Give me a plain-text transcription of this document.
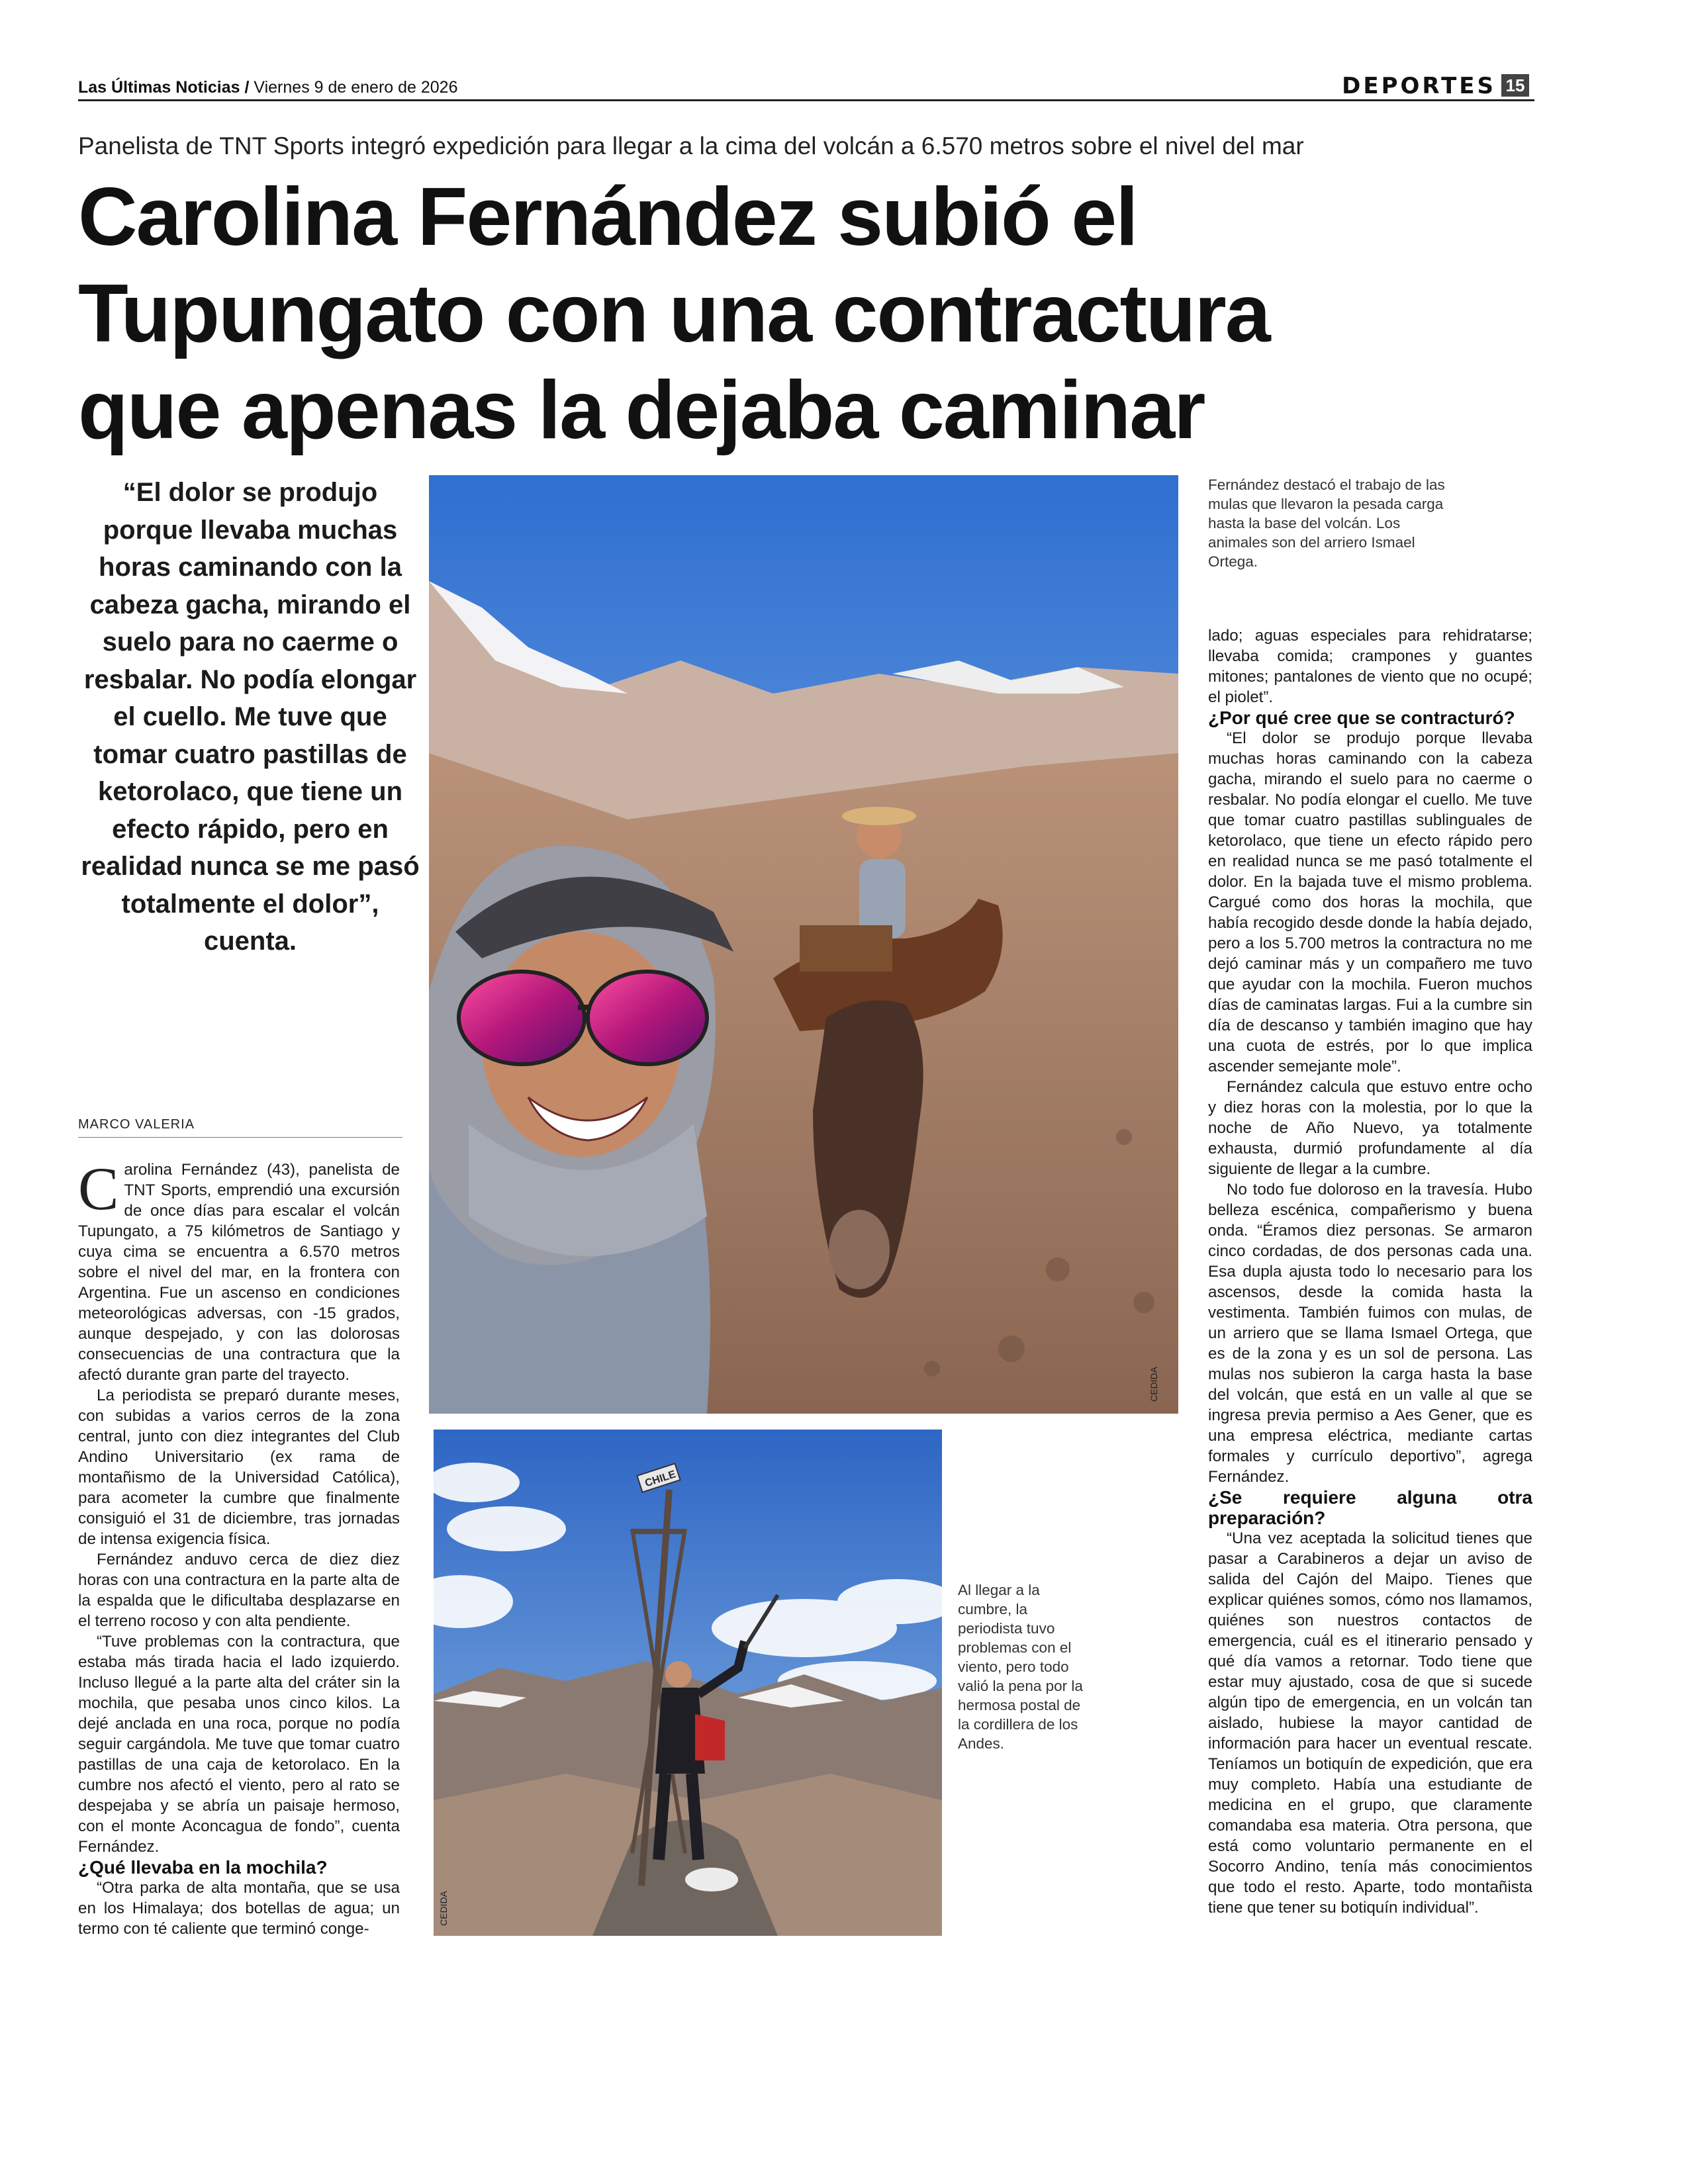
Las Últimas Noticias / Viernes 9 de enero de 2026	DEPORTES 15
Panelista de TNT Sports integró expedición para llegar a la cima del volcán a 6.570 metros sobre el nivel del mar
Carolina Fernández subió el
Tupungato con una contractura
que apenas la dejaba caminar
“El dolor se produjo porque llevaba muchas horas caminando con la cabeza gacha, mirando el suelo para no caerme o resbalar. No podía elongar el cuello. Me tuve que tomar cuatro pastillas de ketorolaco, que tiene un efecto rápido, pero en realidad nunca se me pasó totalmente el dolor”, cuenta.
MARCO VALERIA

Carolina Fernández (43), panelista de TNT Sports, emprendió una excursión de once días para escalar el volcán Tupungato, a 75 kilómetros de Santiago y cuya cima se encuentra a 6.570 metros sobre el nivel del mar, en la frontera con Argentina. Fue un ascenso en condiciones meteorológicas adversas, con -15 grados, aunque despejado, y con las dolorosas consecuencias de una contractura que la afectó durante gran parte del trayecto.

La periodista se preparó durante meses, con subidas a varios cerros de la zona central, junto con diez integrantes del Club Andino Universitario (ex rama de montañismo de la Universidad Católica), para acometer la cumbre que finalmente consiguió el 31 de diciembre, tras jornadas de intensa exigencia física.

Fernández anduvo cerca de diez diez horas con una contractura en la parte alta de la espalda que le dificultaba desplazarse en el terreno rocoso y con alta pendiente.

“Tuve problemas con la contractura, que estaba más tirada hacia el lado izquierdo. Incluso llegué a la parte alta del cráter sin la mochila, que pesaba unos cinco kilos. La dejé anclada en una roca, porque no podía seguir cargándola. Me tuve que tomar cuatro pastillas de una caja de ketorolaco. En la cumbre nos afectó el viento, pero al rato se despejaba y se abría un paisaje hermoso, con el monte Aconcagua de fondo”, cuenta Fernández.

¿Qué llevaba en la mochila?

“Otra parka de alta montaña, que se usa en los Himalaya; dos botellas de agua; un termo con té caliente que terminó conge-

CEDIDA
Fernández destacó el trabajo de las mulas que llevaron la pesada carga hasta la base del volcán. Los animales son del arriero Ismael Ortega.

lado; aguas especiales para rehidratarse; llevaba comida; crampones y guantes mitones; pantalones de viento que no ocupé; el piolet”.

¿Por qué cree que se contracturó?

“El dolor se produjo porque llevaba muchas horas caminando con la cabeza gacha, mirando el suelo para no caerme o resbalar. No podía elongar el cuello. Me tuve que tomar cuatro pastillas sublinguales de ketorolaco, que tiene un efecto rápido pero en realidad nunca se me pasó totalmente el dolor. En la bajada tuve el mismo problema. Cargué como dos horas la mochila, que había recogido desde donde la había dejado, pero a los 5.700 metros la contractura no me dejó caminar más y un compañero me tuvo que ayudar con la mochila. Fueron muchos días de caminatas largas. Fui a la cumbre sin día de descanso y también imagino que hay una cuota de estrés, por lo que implica ascender semejante mole”.

Fernández calcula que estuvo entre ocho y diez horas con la molestia, por lo que la noche de Año Nuevo, ya totalmente exhausta, durmió profundamente al día siguiente de llegar a la cumbre.

No todo fue doloroso en la travesía. Hubo belleza escénica, compañerismo y buena onda. “Éramos diez personas. Se armaron cinco cordadas, de dos personas cada una. Esa dupla ajusta todo lo necesario para los ascensos, desde la comida hasta la vestimenta. También fuimos con mulas, de un arriero que se llama Ismael Ortega, que es de la zona y es un sol de persona. Las mulas nos subieron la carga hasta la base del volcán, que está en un valle al que se ingresa previa permiso a Aes Gener, que es una empresa eléctrica, mediante cartas formales y currículo deportivo”, agrega Fernández.

¿Se requiere alguna otra preparación?

“Una vez aceptada la solicitud tienes que pasar a Carabineros a dejar un aviso de salida del Cajón del Maipo. Tienes que explicar quiénes somos, cómo nos llamamos, quiénes son nuestros contactos de emergencia, cuál es el itinerario pensado y qué día vamos a retornar. Todo tiene que estar muy ajustado, cosa de que si sucede algún tipo de emergencia, en un volcán tan aislado, hubiese la mayor cantidad de información para hacer un eventual rescate. Teníamos un botiquín de expedición, que era muy completo. Había una estudiante de medicina en el grupo, que claramente comandaba esa materia. Otra persona, que está como voluntario permanente en el Socorro Andino, tenía más conocimientos que todo el resto. Aparte, todo montañista tiene que tener su botiquín individual”.

CHILE
CEDIDA
Al llegar a la cumbre, la periodista tuvo problemas con el viento, pero todo valió la pena por la hermosa postal de la cordillera de los Andes.
